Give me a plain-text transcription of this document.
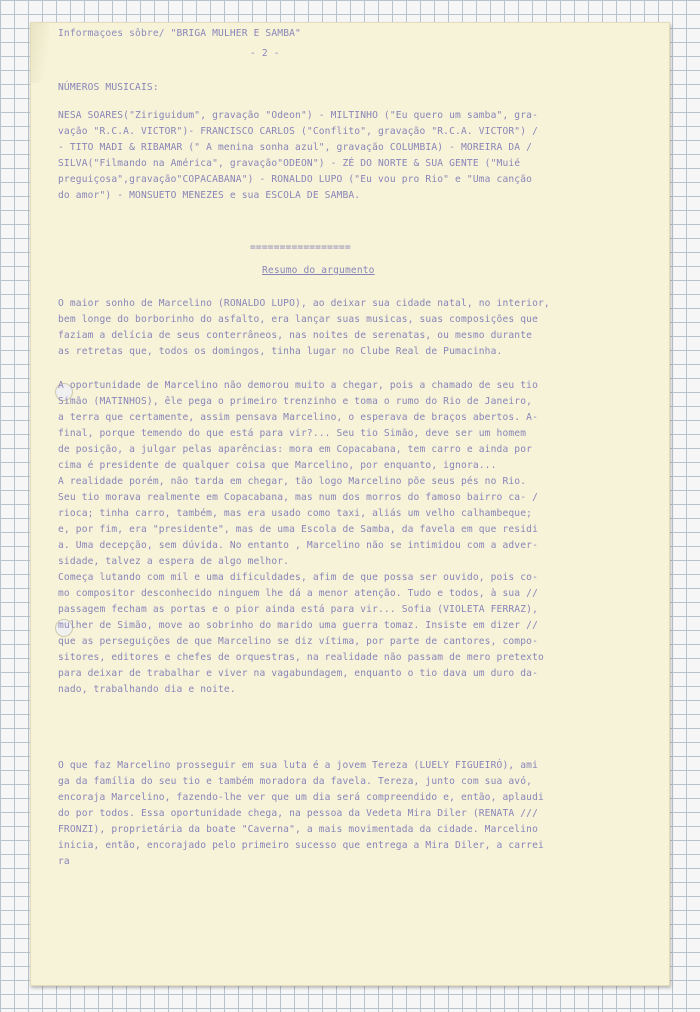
Informaçoes sôbre/ "BRIGA MULHER E SAMBA"

- 2 -

NÚMEROS MUSICAIS:

NESA SOARES("Ziriguidum", gravação "Odeon") - MILTINHO ("Eu quero um samba", gra-
vação "R.C.A. VICTOR")- FRANCISCO CARLOS ("Conflito", gravação "R.C.A. VICTOR") /
- TITO MADI & RIBAMAR (" A menina sonha azul", gravação COLUMBIA) - MOREIRA DA /
SILVA("Filmando na América", gravação"ODEON") - ZÉ DO NORTE & SUA GENTE ("Muié
preguiçosa",gravação"COPACABANA") - RONALDO LUPO ("Eu vou pro Rio" e "Uma canção
do amor") - MONSUETO MENEZES e sua ESCOLA DE SAMBA.

=================

Resumo do argumento

O maior sonho de Marcelino (RONALDO LUPO), ao deixar sua cidade natal, no interior,
bem longe do borborinho do asfalto, era lançar suas musicas, suas composições que
faziam a delícia de seus conterrâneos, nas noites de serenatas, ou mesmo durante
as retretas que, todos os domingos, tinha lugar no Clube Real de Pumacinha.

A oportunidade de Marcelino não demorou muito a chegar, pois a chamado de seu tio
Simão (MATINHOS), êle pega o primeiro trenzinho e toma o rumo do Rio de Janeiro,
a terra que certamente, assim pensava Marcelino, o esperava de braços abertos. A-
final, porque temendo do que está para vir?... Seu tio Simão, deve ser um homem
de posição, a julgar pelas aparências: mora em Copacabana, tem carro e ainda por
cima é presidente de qualquer coisa que Marcelino, por enquanto, ignora...
A realidade porém, não tarda em chegar, tão logo Marcelino põe seus pés no Rio.
Seu tio morava realmente em Copacabana, mas num dos morros do famoso bairro ca- /
rioca; tinha carro, também, mas era usado como taxi, aliás um velho calhambeque;
e, por fim, era "presidente", mas de uma Escola de Samba, da favela em que residi
a. Uma decepção, sem dúvida. No entanto , Marcelino não se intimidou com a adver-
sidade, talvez a espera de algo melhor.
Começa lutando com mil e uma dificuldades, afim de que possa ser ouvido, pois co-
mo compositor desconhecido ninguem lhe dá a menor atenção. Tudo e todos, à sua //
passagem fecham as portas e o pior ainda está para vir... Sofia (VIOLETA FERRAZ),
mulher de Simão, move ao sobrinho do marido uma guerra tomaz. Insiste em dizer //
que as perseguições de que Marcelino se diz vítima, por parte de cantores, compo-
sitores, editores e chefes de orquestras, na realidade não passam de mero pretexto
para deixar de trabalhar e viver na vagabundagem, enquanto o tio dava um duro da-
nado, trabalhando dia e noite.

O que faz Marcelino prosseguir em sua luta é a jovem Tereza (LUELY FIGUEIRÓ), ami
ga da família do seu tio e também moradora da favela. Tereza, junto com sua avó,
encoraja Marcelino, fazendo-lhe ver que um dia será compreendido e, então, aplaudi
do por todos. Essa oportunidade chega, na pessoa da Vedeta Mira Diler (RENATA ///
FRONZI), proprietária da boate "Caverna", a mais movimentada da cidade. Marcelino
inicia, então, encorajado pelo primeiro sucesso que entrega a Mira Diler, a carrei
ra
